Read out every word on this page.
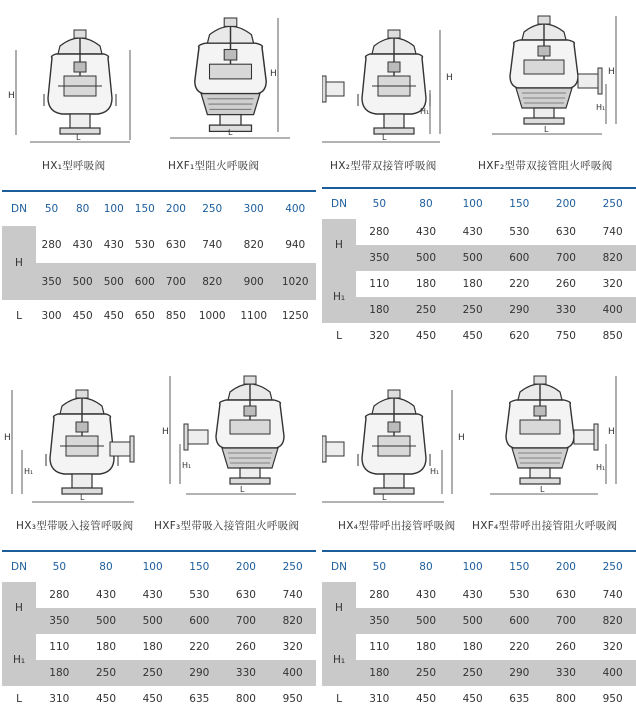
H
L
H
L
HX₁型呼吸阀	HXF₁型阻火呼吸阀
DN	50	80	100	150	200	250	300	400
H	280	430	430	530	630	740	820	940
	350	500	500	600	700	820	900	1020
L	300	450	450	650	850	1000	1100	1250
H
H₁
L
H
H₁
L
HX₂型带双接管呼吸阀	HXF₂型带双接管阻火呼吸阀
DN	50	80	100	150	200	250
H	280	430	430	530	630	740
	350	500	500	600	700	820
H₁	110	180	180	220	260	320
	180	250	250	290	330	400
L	320	450	450	620	750	850
H
H₁
L
H
H₁
L
HX₃型带吸入接管呼吸阀 HXF₃型带吸入接管阻火呼吸阀
DN	50	80	100	150	200	250
H	280	430	430	530	630	740
	350	500	500	600	700	820
H₁	110	180	180	220	260	320
	180	250	250	290	330	400
L	310	450	450	635	800	950
H
H₁
L
H
H₁
L
HX₄型带呼出接管呼吸阀 HXF₄型带呼出接管阻火呼吸阀
DN	50	80	100	150	200	250
H	280	430	430	530	630	740
	350	500	500	600	700	820
H₁	110	180	180	220	260	320
	180	250	250	290	330	400
L	310	450	450	635	800	950
